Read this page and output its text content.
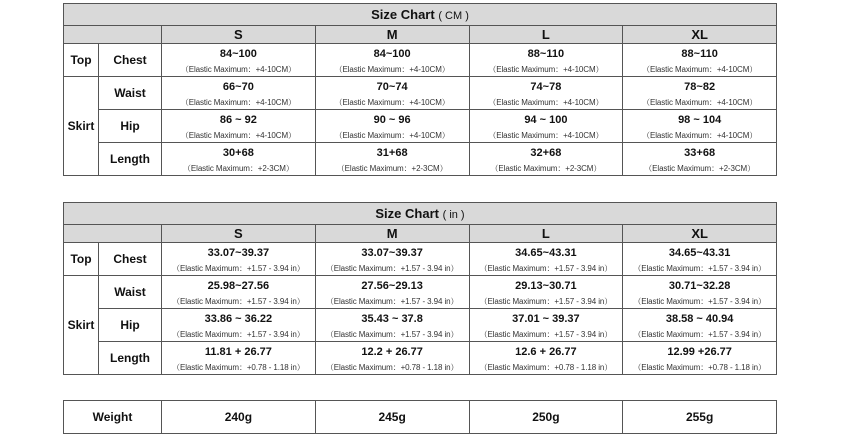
Size Chart ( CM )					
		S	M	L	XL
Top	Chest	84~100	84~100	88~110	88~110
		（Elastic Maximum：+4-10CM）	（Elastic Maximum：+4-10CM）	（Elastic Maximum：+4-10CM）	（Elastic Maximum：+4-10CM）
Skirt	Waist	66~70	70~74	74~78	78~82
		（Elastic Maximum：+4-10CM）	（Elastic Maximum：+4-10CM）	（Elastic Maximum：+4-10CM）	（Elastic Maximum：+4-10CM）
	Hip	86 ~ 92	90 ~ 96	94 ~ 100	98 ~ 104
		（Elastic Maximum：+4-10CM）	（Elastic Maximum：+4-10CM）	（Elastic Maximum：+4-10CM）	（Elastic Maximum：+4-10CM）
	Length	30+68	31+68	32+68	33+68
		（Elastic Maximum：+2-3CM）	（Elastic Maximum：+2-3CM）	（Elastic Maximum：+2-3CM）	（Elastic Maximum：+2-3CM）
Size Chart ( in )					
		S	M	L	XL
Top	Chest	33.07~39.37	33.07~39.37	34.65~43.31	34.65~43.31
		（Elastic Maximum：+1.57 - 3.94 in）	（Elastic Maximum：+1.57 - 3.94 in）	（Elastic Maximum：+1.57 - 3.94 in）	（Elastic Maximum：+1.57 - 3.94 in）
Skirt	Waist	25.98~27.56	27.56~29.13	29.13~30.71	30.71~32.28
		（Elastic Maximum：+1.57 - 3.94 in）	（Elastic Maximum：+1.57 - 3.94 in）	（Elastic Maximum：+1.57 - 3.94 in）	（Elastic Maximum：+1.57 - 3.94 in）
	Hip	33.86 ~ 36.22	35.43 ~ 37.8	37.01 ~ 39.37	38.58 ~ 40.94
		（Elastic Maximum：+1.57 - 3.94 in）	（Elastic Maximum：+1.57 - 3.94 in）	（Elastic Maximum：+1.57 - 3.94 in）	（Elastic Maximum：+1.57 - 3.94 in）
	Length	11.81 + 26.77	12.2 + 26.77	12.6 + 26.77	12.99 +26.77
		（Elastic Maximum：+0.78 - 1.18 in）	（Elastic Maximum：+0.78 - 1.18 in）	（Elastic Maximum：+0.78 - 1.18 in）	（Elastic Maximum：+0.78 - 1.18 in）
Weight	240g	245g	250g	255g
